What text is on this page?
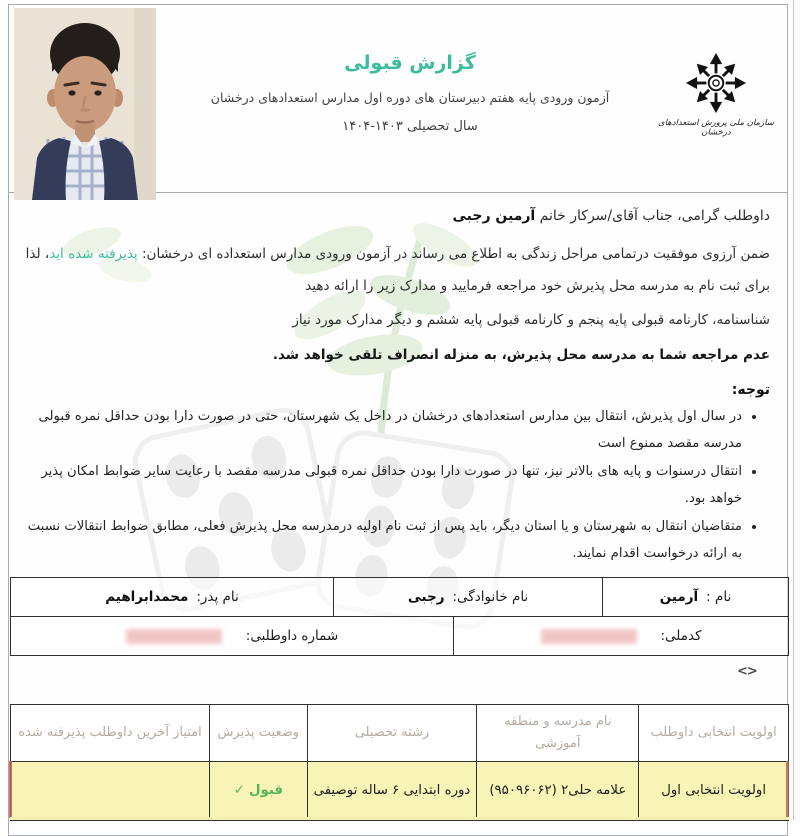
گزارش قبولی
آزمون ورودی پایه هفتم دبیرستان های دوره اول مدارس استعدادهای درخشان
سال تحصیلی ۱۴۰۳-۱۴۰۴	سازمان ملی پرورش استعدادهای درخشان
داوطلب گرامی، جناب آقای/سرکار خانم آرمین رجبی
ضمن آرزوی موفقیت درتمامی مراحل زندگی به اطلاع می رساند در آزمون ورودی مدارس استعداده ای درخشان: پذیرفته شده اید، لذا برای ثبت نام به مدرسه محل پذیرش خود مراجعه فرمایید و مدارک زیر را ارائه دهید
شناسنامه، کارنامه قبولی پایه پنجم و کارنامه قبولی پایه ششم و دیگر مدارک مورد نیاز
عدم مراجعه شما به مدرسه محل پذیرش، به منزله انصراف تلقی خواهد شد.
توجه:
• در سال اول پذیرش، انتقال بین مدارس استعدادهای درخشان در داخل یک شهرستان، حتی در صورت دارا بودن حداقل نمره قبولی مدرسه مقصد ممنوع است
• انتقال درسنوات و پایه های بالاتر نیز، تنها در صورت دارا بودن حداقل نمره قبولی مدرسه مقصد با رعایت سایر ضوابط امکان پذیر خواهد بود.
• متقاضیان انتقال به شهرستان و یا استان دیگر، باید پس از ثبت نام اولیه درمدرسه محل پذیرش فعلی، مطابق ضوابط انتقالات نسبت به ارائه درخواست اقدام نمایند.
نام :
آرمین
نام خانوادگی:
رجبی
نام پدر:
محمدابراهیم
کدملی:
شماره داوطلبی:
<>
اولویت انتخابی داوطلب	نام مدرسه و منطقه آموزشی	رشته تحصیلی	وضعیت پذیرش	امتیاز آخرین داوطلب پذیرفته شده
اولویت انتخابی اول	علامه حلی۲ (۹۵۰۹۶۰۶۲)	دوره ابتدایی ۶ ساله توصیفی	قبول ✓	
